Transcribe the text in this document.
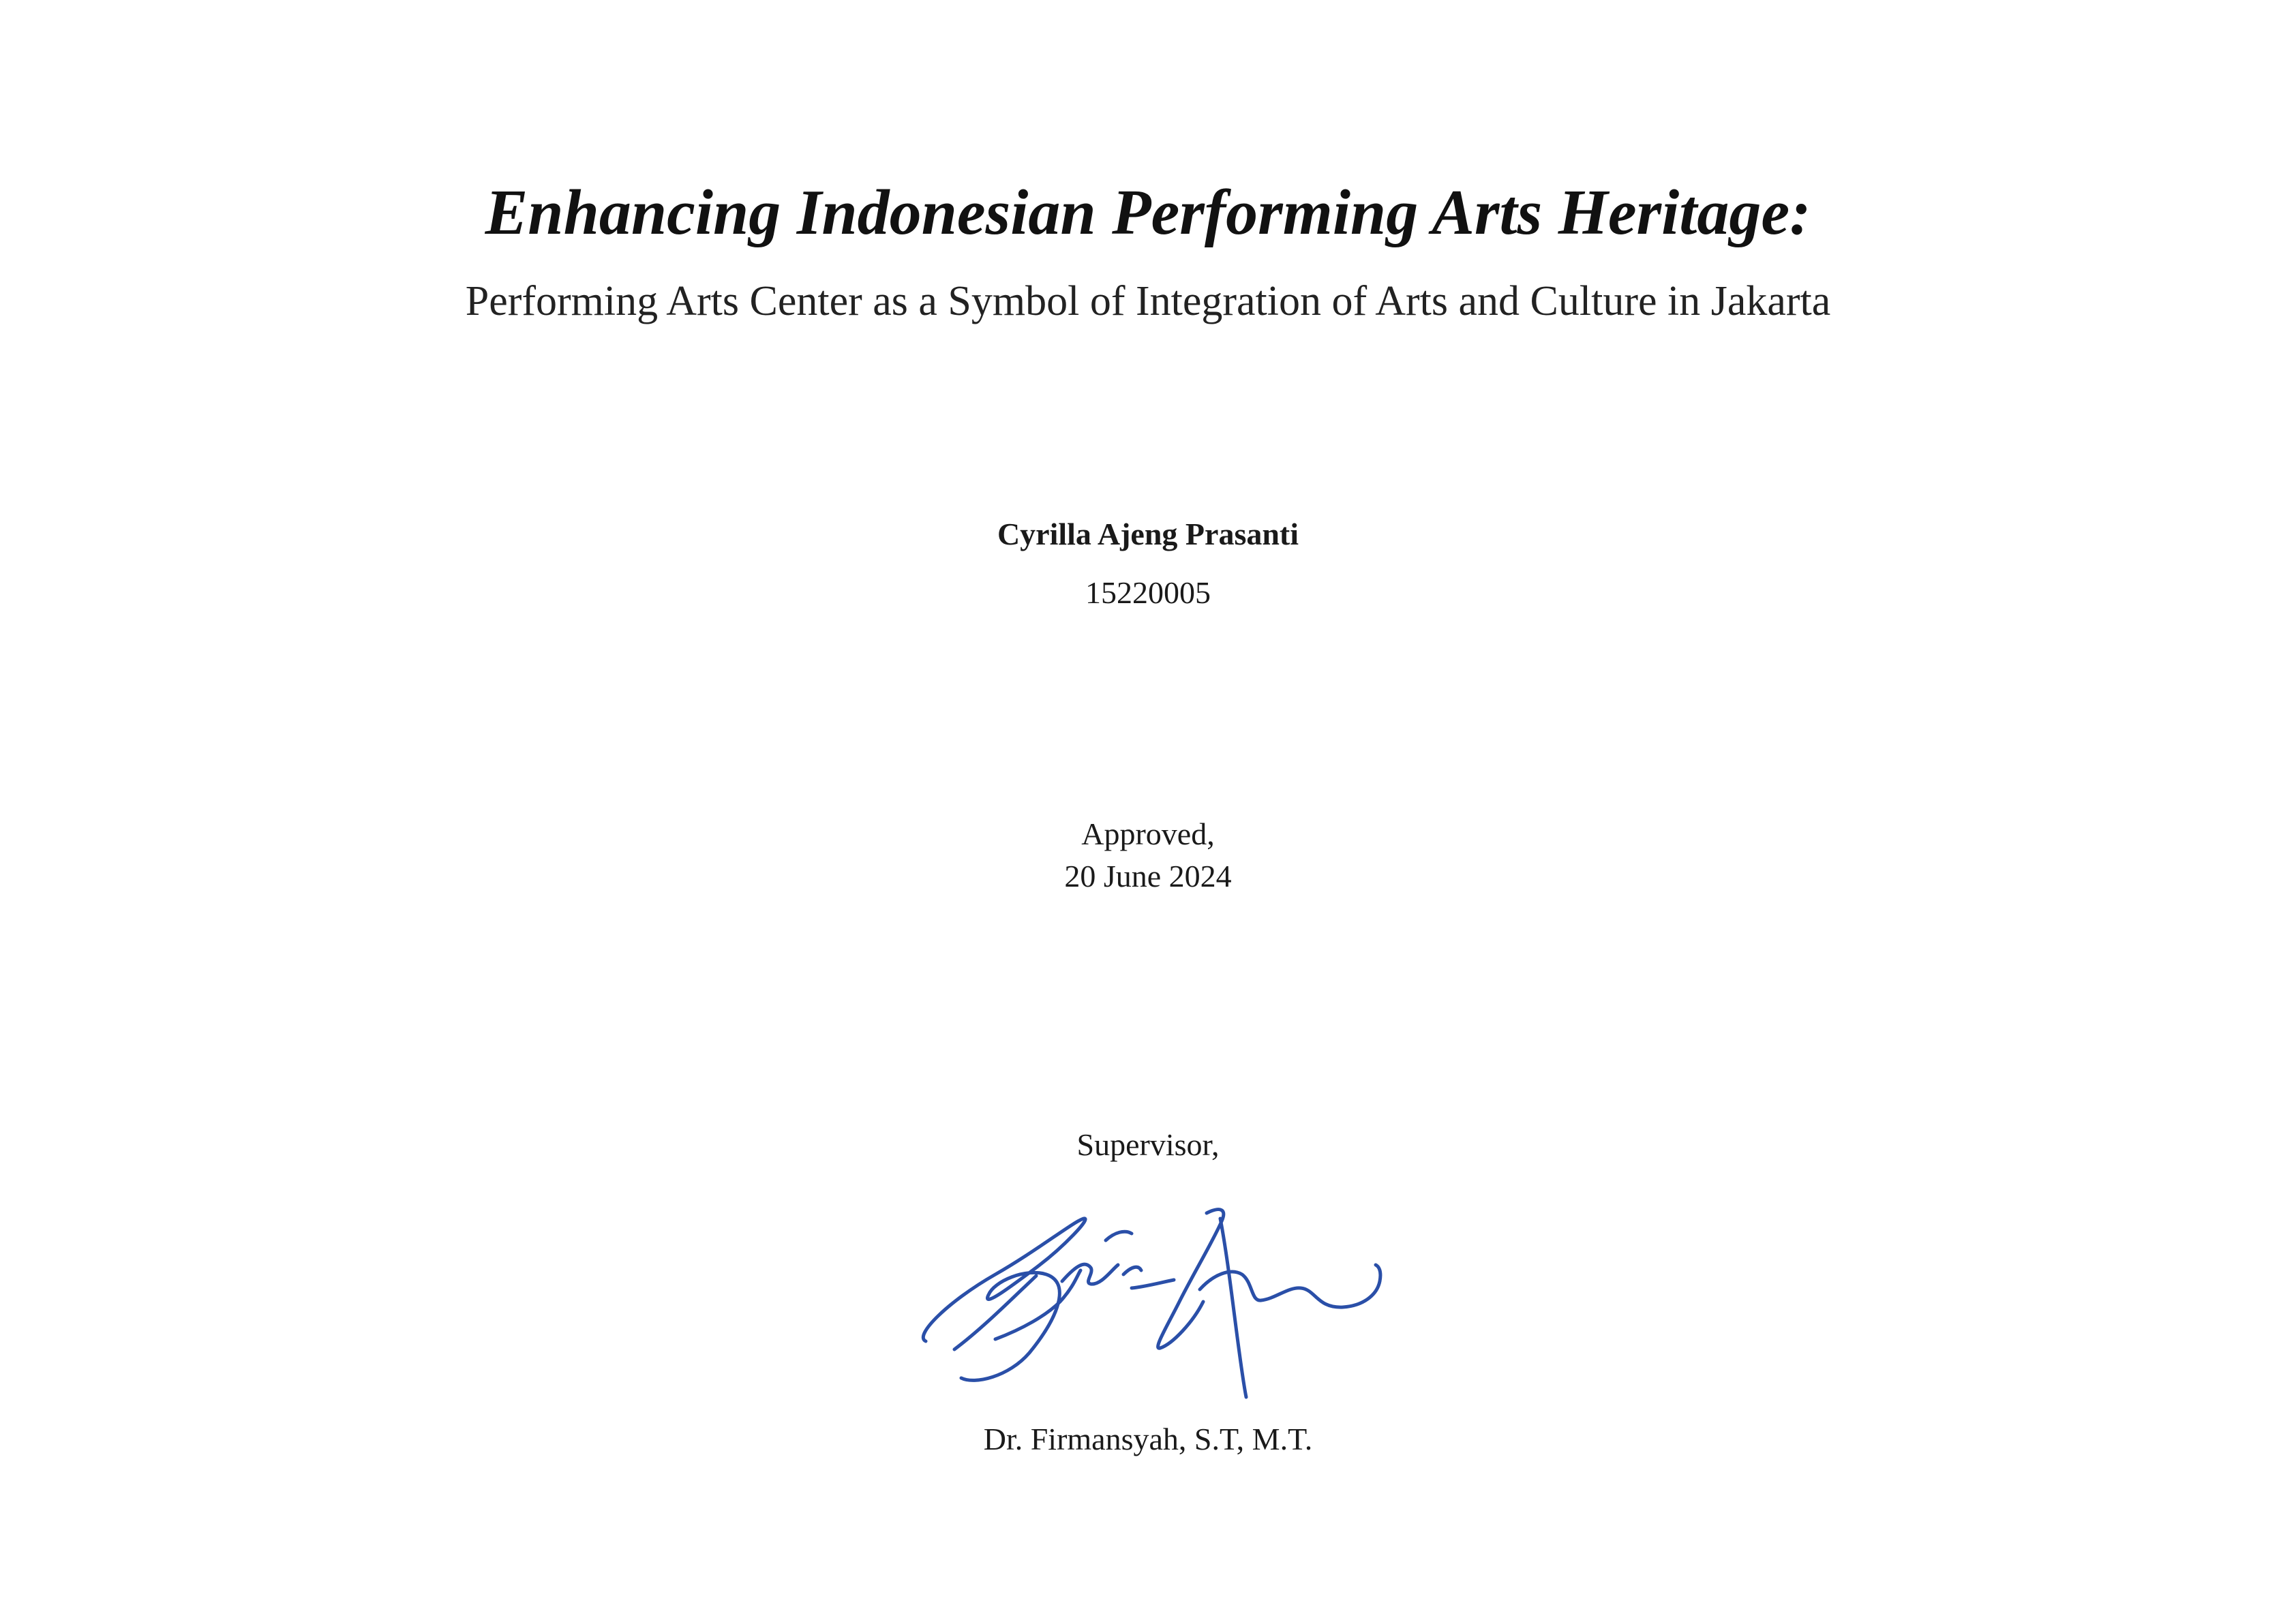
Enhancing Indonesian Performing Arts Heritage:
Performing Arts Center as a Symbol of Integration of Arts and Culture in Jakarta
Cyrilla Ajeng Prasanti
15220005
Approved,
20 June 2024
Supervisor,
Dr. Firmansyah, S.T, M.T.
